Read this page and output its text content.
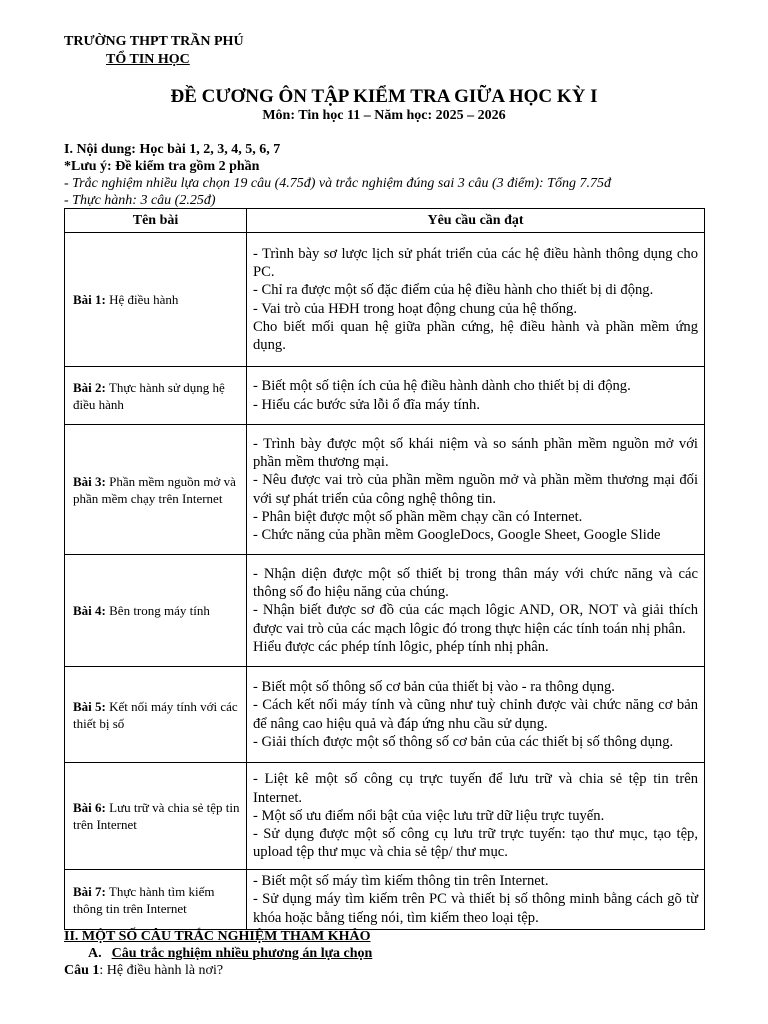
TRƯỜNG THPT TRẦN PHÚ
TỔ TIN HỌC
ĐỀ CƯƠNG ÔN TẬP KIỂM TRA GIỮA HỌC KỲ I
Môn: Tin học 11 – Năm học: 2025 – 2026
I. Nội dung: Học bài 1, 2, 3, 4, 5, 6, 7
*Lưu ý: Đề kiểm tra gồm 2 phần
- Trắc nghiệm nhiều lựa chọn 19 câu (4.75đ) và trắc nghiệm đúng sai 3 câu (3 điểm): Tổng 7.75đ
- Thực hành: 3 câu (2.25đ)
Tên bài	Yêu cầu cần đạt
Bài 1: Hệ điều hành	- Trình bày sơ lược lịch sử phát triển của các hệ điều hành thông dụng cho PC.
- Chỉ ra được một số đặc điểm của hệ điều hành cho thiết bị di động.
- Vai trò của HĐH trong hoạt động chung của hệ thống.
Cho biết mối quan hệ giữa phần cứng, hệ điều hành và phần mềm ứng dụng.

Bài 2: Thực hành sử dụng hệ điều hành	- Biết một số tiện ích của hệ điều hành dành cho thiết bị di động.
- Hiểu các bước sửa lỗi ổ đĩa máy tính.

Bài 3: Phần mềm nguồn mở và phần mềm chạy trên Internet	- Trình bày được một số khái niệm và so sánh phần mềm nguồn mở với phần mềm thương mại.
- Nêu được vai trò của phần mềm nguồn mở và phần mềm thương mại đối với sự phát triển của công nghệ thông tin.
- Phân biệt được một số phần mềm chạy cần có Internet.
- Chức năng của phần mềm GoogleDocs, Google Sheet, Google Slide

Bài 4: Bên trong máy tính	- Nhận diện được một số thiết bị trong thân máy với chức năng và các thông số đo hiệu năng của chúng.
- Nhận biết được sơ đồ của các mạch lôgic AND, OR, NOT và giải thích được vai trò của các mạch lôgic đó trong thực hiện các tính toán nhị phân.
Hiểu được các phép tính lôgic, phép tính nhị phân.

Bài 5: Kết nối máy tính với các thiết bị số	- Biết một số thông số cơ bản của thiết bị vào - ra thông dụng.
- Cách kết nối máy tính và cũng như tuỳ chỉnh được vài chức năng cơ bản để nâng cao hiệu quả và đáp ứng nhu cầu sử dụng.
- Giải thích được một số thông số cơ bản của các thiết bị số thông dụng.

Bài 6: Lưu trữ và chia sẻ tệp tin trên Internet	- Liệt kê một số công cụ trực tuyến để lưu trữ và chia sẻ tệp tin trên Internet.
- Một số ưu điểm nổi bật của việc lưu trữ dữ liệu trực tuyến.
- Sử dụng được một số công cụ lưu trữ trực tuyến: tạo thư mục, tạo tệp, upload tệp thư mục và chia sẻ tệp/ thư mục.

Bài 7: Thực hành tìm kiếm thông tin trên Internet	- Biết một số máy tìm kiếm thông tin trên Internet.
- Sử dụng máy tìm kiếm trên PC và thiết bị số thông minh bằng cách gõ từ khóa hoặc bằng tiếng nói, tìm kiếm theo loại tệp.
II. MỘT SỐ CÂU TRẮC NGHIỆM THAM KHẢO
A. Câu trắc nghiệm nhiều phương án lựa chọn
Câu 1: Hệ điều hành là nơi?
